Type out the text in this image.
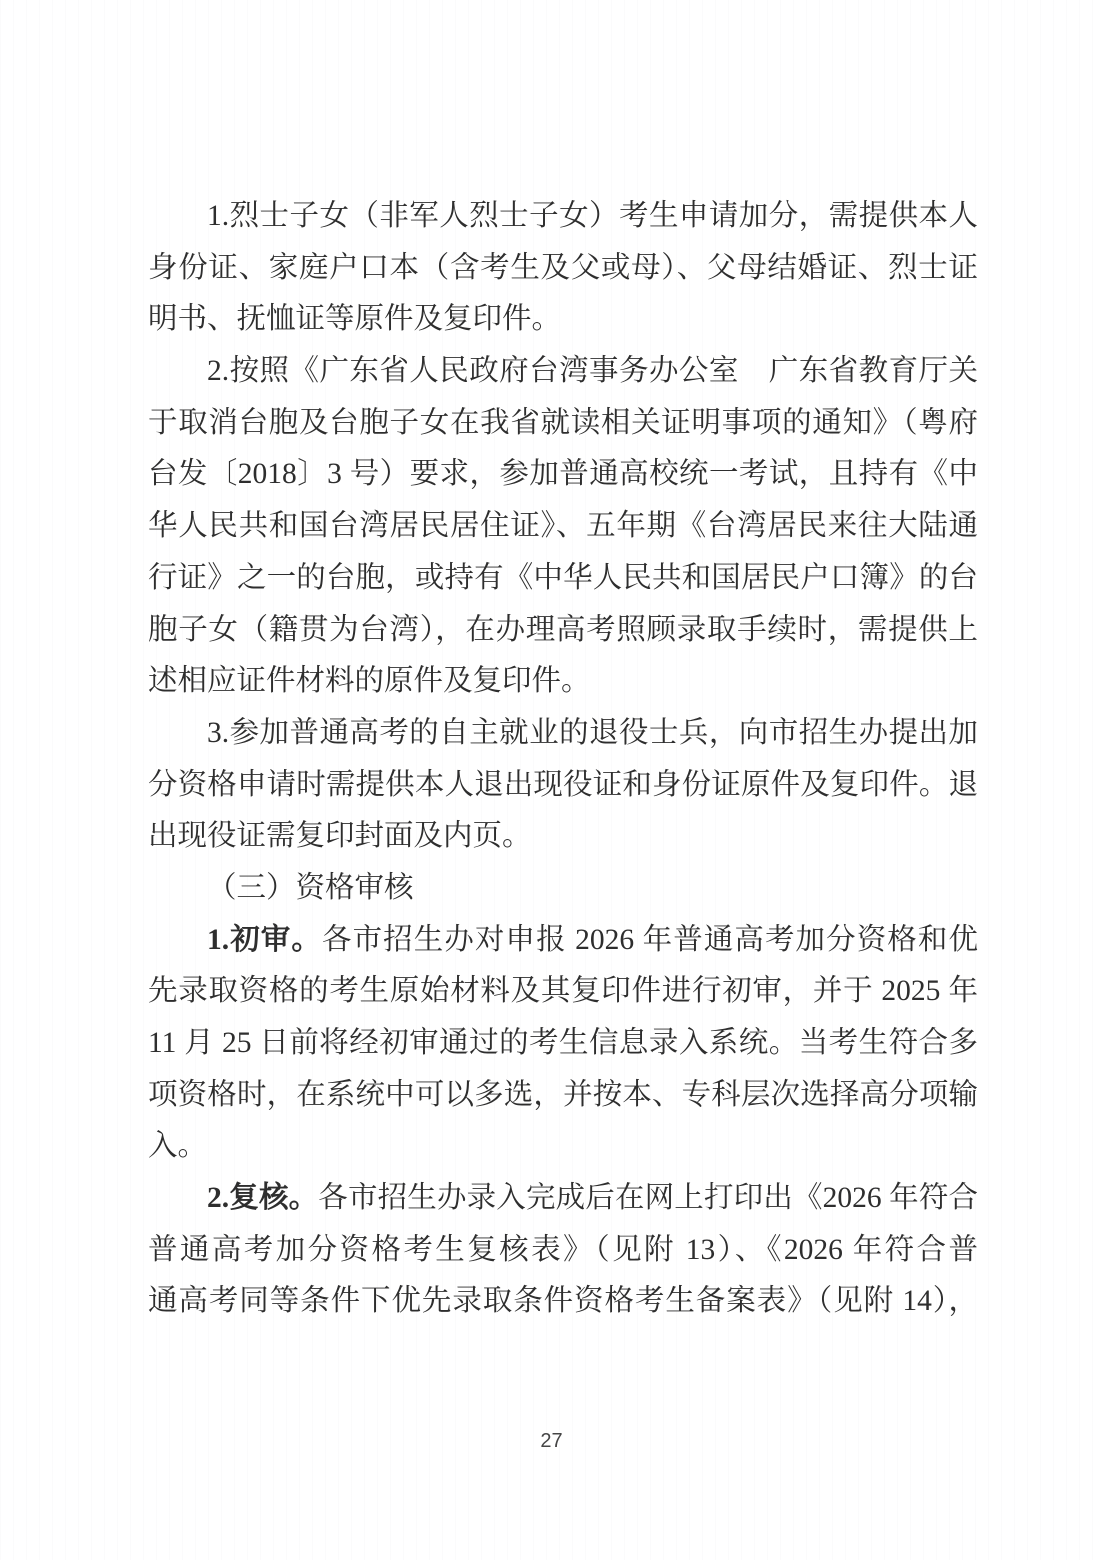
1.烈士子女（非军人烈士子女）考生申请加分，需提供本人
身份证、家庭户口本（含考生及父或母）、父母结婚证、烈士证
明书、抚恤证等原件及复印件。
2.按照《广东省人民政府台湾事务办公室　广东省教育厅关
于取消台胞及台胞子女在我省就读相关证明事项的通知》（粤府
台发〔2018〕3 号）要求，参加普通高校统一考试，且持有《中
华人民共和国台湾居民居住证》、五年期《台湾居民来往大陆通
行证》之一的台胞，或持有《中华人民共和国居民户口簿》的台
胞子女（籍贯为台湾），在办理高考照顾录取手续时，需提供上
述相应证件材料的原件及复印件。
3.参加普通高考的自主就业的退役士兵，向市招生办提出加
分资格申请时需提供本人退出现役证和身份证原件及复印件。退
出现役证需复印封面及内页。
（三）资格审核
1.初审。各市招生办对申报 2026 年普通高考加分资格和优
先录取资格的考生原始材料及其复印件进行初审，并于 2025 年
11 月 25 日前将经初审通过的考生信息录入系统。当考生符合多
项资格时，在系统中可以多选，并按本、专科层次选择高分项输
入。
2.复核。各市招生办录入完成后在网上打印出《2026 年符合
普通高考加分资格考生复核表》（见附 13）、《2026 年符合普
通高考同等条件下优先录取条件资格考生备案表》（见附 14），
27
